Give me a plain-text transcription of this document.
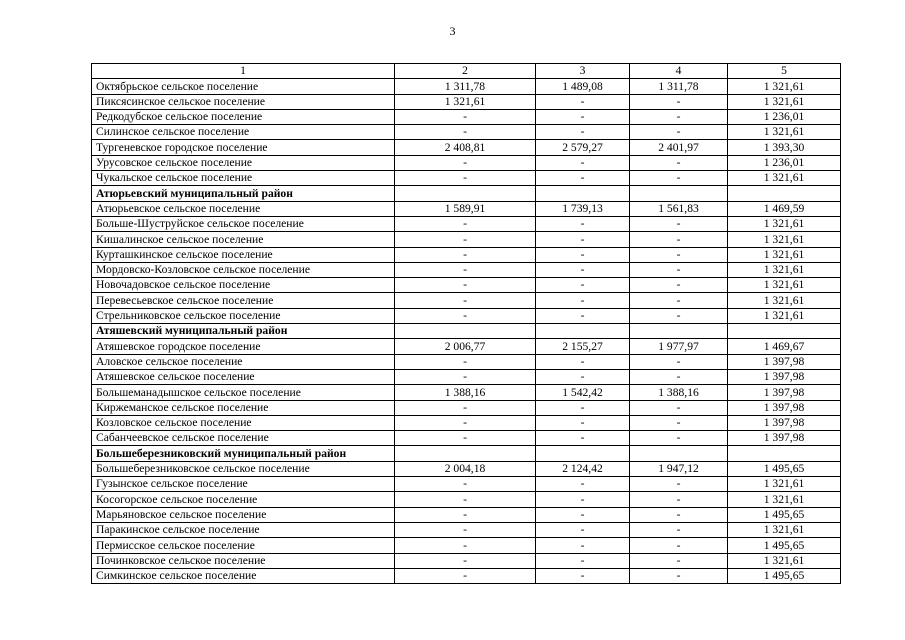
3
1	2	3	4	5
Октябрьское сельское поселение	1 311,78	1 489,08	1 311,78	1 321,61
Пиксясинское сельское поселение	1 321,61	-	-	1 321,61
Редкодубское сельское поселение	-	-	-	1 236,01
Силинское сельское поселение	-	-	-	1 321,61
Тургеневское городское поселение	2 408,81	2 579,27	2 401,97	1 393,30
Урусовское сельское поселение	-	-	-	1 236,01
Чукальское сельское поселение	-	-	-	1 321,61
Атюрьевский муниципальный район				
Атюрьевское сельское поселение	1 589,91	1 739,13	1 561,83	1 469,59
Больше-Шуструйское сельское поселение	-	-	-	1 321,61
Кишалинское сельское поселение	-	-	-	1 321,61
Курташкинское сельское поселение	-	-	-	1 321,61
Мордовско-Козловское сельское поселение	-	-	-	1 321,61
Новочадовское сельское поселение	-	-	-	1 321,61
Перевесьевское сельское поселение	-	-	-	1 321,61
Стрельниковское сельское поселение	-	-	-	1 321,61
Атяшевский муниципальный район				
Атяшевское городское поселение	2 006,77	2 155,27	1 977,97	1 469,67
Аловское сельское поселение	-	-	-	1 397,98
Атяшевское сельское поселение	-	-	-	1 397,98
Большеманадышское сельское поселение	1 388,16	1 542,42	1 388,16	1 397,98
Киржеманское сельское поселение	-	-	-	1 397,98
Козловское сельское поселение	-	-	-	1 397,98
Сабанчеевское сельское поселение	-	-	-	1 397,98
Большеберезниковский муниципальный район				
Большеберезниковское сельское поселение	2 004,18	2 124,42	1 947,12	1 495,65
Гузынское сельское поселение	-	-	-	1 321,61
Косогорское сельское поселение	-	-	-	1 321,61
Марьяновское сельское поселение	-	-	-	1 495,65
Паракинское сельское поселение	-	-	-	1 321,61
Пермисское сельское поселение	-	-	-	1 495,65
Починковское сельское поселение	-	-	-	1 321,61
Симкинское сельское поселение	-	-	-	1 495,65
